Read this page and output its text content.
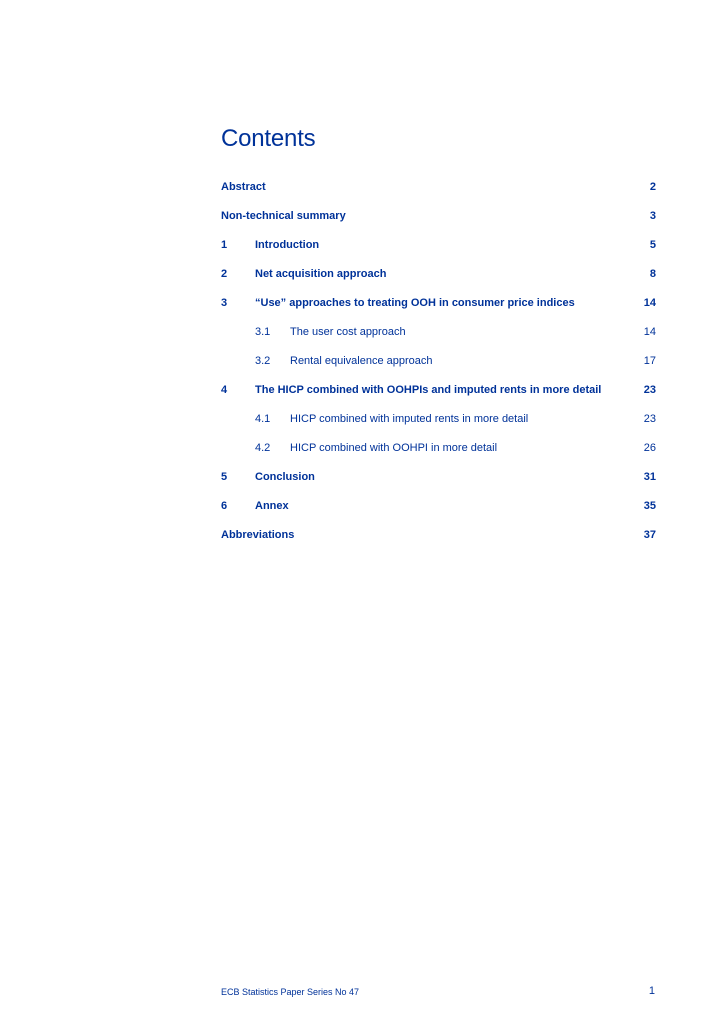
Contents
Abstract	2
Non-technical summary	3
1	Introduction	5
2	Net acquisition approach	8
3	“Use” approaches to treating OOH in consumer price indices	14
3.1 The user cost approach	14
3.2 Rental equivalence approach	17
4	The HICP combined with OOHPIs and imputed rents in more detail	23
4.1 HICP combined with imputed rents in more detail	23
4.2 HICP combined with OOHPI in more detail	26
5	Conclusion	31
6	Annex	35
Abbreviations	37
ECB Statistics Paper Series No 47	1
